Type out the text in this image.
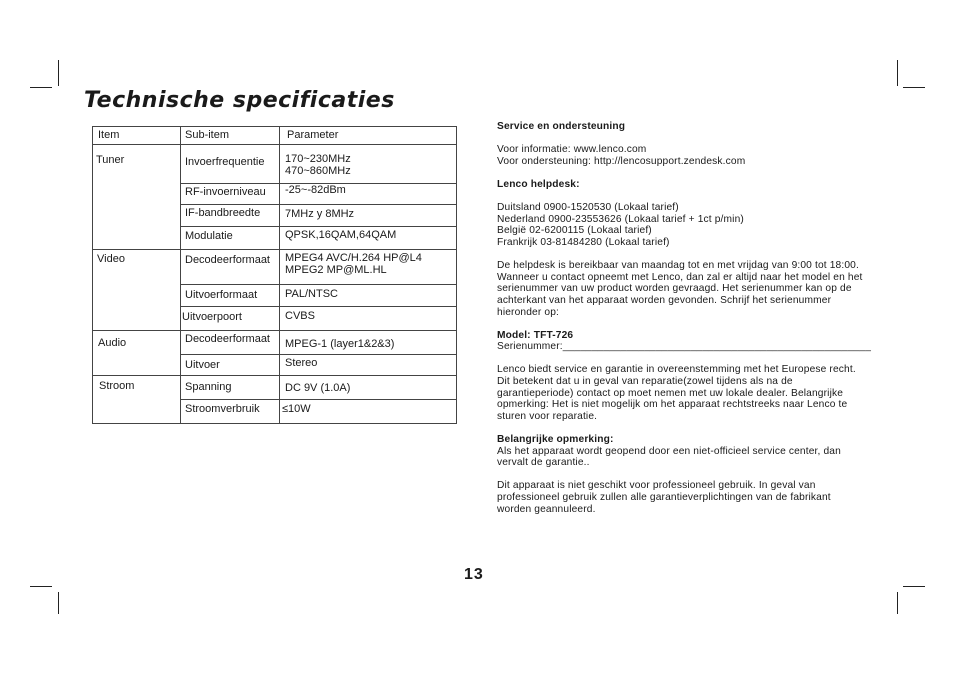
Technische specificaties
Item	Sub-item	Parameter
Tuner
Video
Audio
Stroom
Invoerfrequentie
RF-invoerniveau
IF-bandbreedte
Modulatie
Decodeerformaat
Uitvoerformaat
Uitvoerpoort
Decodeerformaat
Uitvoer
Spanning
Stroomverbruik
170~230MHz
470~860MHz
-25~-82dBm
7MHz y 8MHz
QPSK,16QAM,64QAM
MPEG4 AVC/H.264 HP@L4
MPEG2 MP@ML.HL
PAL/NTSC
CVBS
MPEG-1 (layer1&2&3)
Stereo
DC 9V (1.0A)
≤10W

Service en ondersteuning

Voor informatie: www.lenco.com
Voor ondersteuning: http://lencosupport.zendesk.com

Lenco helpdesk:

Duitsland 0900-1520530 (Lokaal tarief)
Nederland 0900-23553626 (Lokaal tarief + 1ct p/min)
België 02-6200115 (Lokaal tarief)
Frankrijk 03-81484280 (Lokaal tarief)

De helpdesk is bereikbaar van maandag tot en met vrijdag van 9:00 tot 18:00.
Wanneer u contact opneemt met Lenco, dan zal er altijd naar het model en het
serienummer van uw product worden gevraagd. Het serienummer kan op de
achterkant van het apparaat worden gevonden. Schrijf het serienummer
hieronder op:

Model: TFT-726
Serienummer:_____________________________________________________

Lenco biedt service en garantie in overeenstemming met het Europese recht.
Dit betekent dat u in geval van reparatie(zowel tijdens als na de
garantieperiode) contact op moet nemen met uw lokale dealer. Belangrijke
opmerking: Het is niet mogelijk om het apparaat rechtstreeks naar Lenco te
sturen voor reparatie.

Belangrijke opmerking:
Als het apparaat wordt geopend door een niet-officieel service center, dan
vervalt de garantie..

Dit apparaat is niet geschikt voor professioneel gebruik. In geval van
professioneel gebruik zullen alle garantieverplichtingen van de fabrikant
worden geannuleerd.

13
